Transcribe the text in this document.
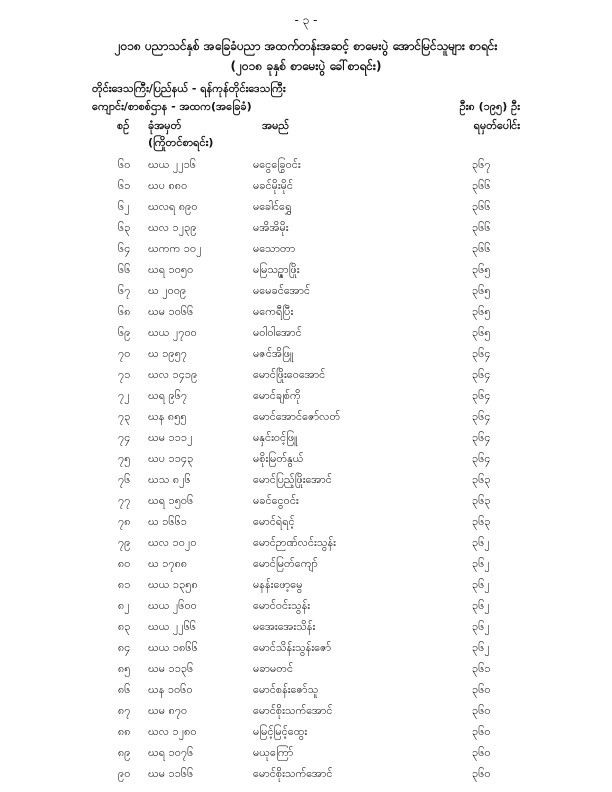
- ၃ -
၂၀၁၈ ပညာသင်နှစ် အခြေခံပညာ အထက်တန်းအဆင့် စာမေးပွဲ အောင်မြင်သူများ စာရင်း
(၂၀၁၈ ခုနှစ် စာမေးပွဲ ခေါ်စာရင်း)
တိုင်းဒေသကြီး/ပြည်နယ် - ရန်ကုန်တိုင်းဒေသကြီး
ကျောင်း/စာစစ်ဌာန - အထက(အခြေခံ)	ဦး၈ (၁၉၅) ဦး
စဉ် ခုံအမှတ်
(ကြိုတင်စာရင်း)
အမည်	ရမှတ်ပေါင်း
၆၀ ဃယ ၂၂၁၆	မငွေခြွေဝင်း	၃၆၇
၆၁ ဃပ ၈၈၀	မခင်မိုးမိုင်	၃၆၆
၆၂ ဃလရ ၈၉၀	မခေါင်ရွှေ	၃၆၆
၆၃ ဃလ ၁၂၃၉	မအိအိမိုး	၃၆၆
၆၄ ဃကက ၁၀၂	မသောတာ	၃၆၆
၆၆ ဃရ ၁၀၅၀	မမြသဉ္ဇာဖြိုး	၃၆၅
၆၇ ဃ ၂၀၀၉	မမေခင်အောင်	၃၆၅
၆၈ ဃမ ၁၀၆၆	မကေရီပြီး	၃၆၅
၆၉ ဃယ ၂၇၀၀	မဝါဝါအောင်	၃၆၅
၇၀ ဃ ၁၉၅၇	မဇင်အိဖြူ	၃၆၄
၇၁ ဃလ ၁၄၁၉	မောင်ဖြိုးဝေအောင်	၃၆၄
၇၂ ဃရ ၉၆၇	မောင်ချစ်ကို	၃၆၄
၇၃ ဃန ၈၅၅	မောင်အောင်ဇော်လတ်	၃၆၄
၇၄ ဃမ ၁၁၁၂	မနှင်းဝင့်ဖြူ	၃၆၄
၇၅ ဃပ ၁၁၄၃	မစိုးမြတ်နွယ်	၃၆၄
၇၆ ဃသ ၈၂၆	မောင်ပြည့်ဖြိုးအောင်	၃၆၃
၇၇ ဃရ ၁၅၀၆	မခင်ငွေဝင်း	၃၆၃
၇၈ ဃ ၁၆၆၁	မောင်ရဲရင့်	၃၆၃
၇၉ ဃလ ၁၀၂၀	မောင်ဉာဏ်လင်းသွန်း	၃၆၂
၈၀ ဃ ၁၇၈၈	မောင်မြတ်ကျော်	၃၆၂
၈၁ ဃယ ၁၃၅၈	မနန်းဖော့မွေ	၃၆၂
၈၂ ဃယ ၂၆၀၀	မောင်ဝင်းသွန်း	၃၆၂
၈၃ ဃယ ၂၂၆၆	မအေးအေးသိန်း	၃၆၂
၈၄ ဃယ ၁၈၆၆	မောင်သိန်းသွန်းဇော်	၃၆၂
၈၅ ဃမ ၁၁၃၆	မခာမတင်	၃၆၁
၈၆ ဃန ၁၀၆၀	မောင်စန်းဇော်သူ	၃၆၀
၈၇ ဃမ ၈၇၀	မောင်စိုးသက်အောင်	၃၆၀
၈၈ ဃလ ၁၂၈၀	မမြင့်မြင့်ထွေး	၃၆၀
၈၉ ဃရ ၁၀၇၆	မယုကြော်	၃၆၀
၉၀ ဃမ ၁၁၆၆	မောင်စိုးသက်အောင်	၃၆၀
